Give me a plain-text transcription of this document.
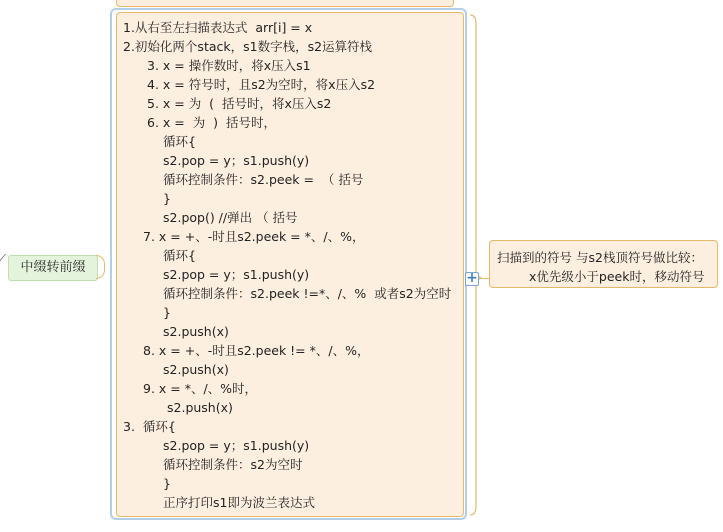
中缀转前缀
1.从右至左扫描表达式  arr[i] = x
2.初始化两个stack，s1数字栈，s2运算符栈
3. x = 操作数时，将x压入s1
4. x = 符号时，且s2为空时，将x压入s2
5. x = 为  (  括号时，将x压入s2
6. x =  为  )  括号时，
循环{
s2.pop = y；s1.push(y)
循环控制条件：s2.peek =  （ 括号
}
s2.pop() //弹出 （ 括号
7. x = +、-时且s2.peek = *、/、%，
循环{
s2.pop = y；s1.push(y)
循环控制条件：s2.peek !=*、/、%  或者s2为空时
}
s2.push(x)
8. x = +、-时且s2.peek != *、/、%，
s2.push(x)
9. x = *、/、%时，
s2.push(x)
3.  循环{
s2.pop = y；s1.push(y)
循环控制条件：s2为空时
}
正序打印s1即为波兰表达式
+
扫描到的符号 与s2栈顶符号做比较：
x优先级小于peek时，移动符号
